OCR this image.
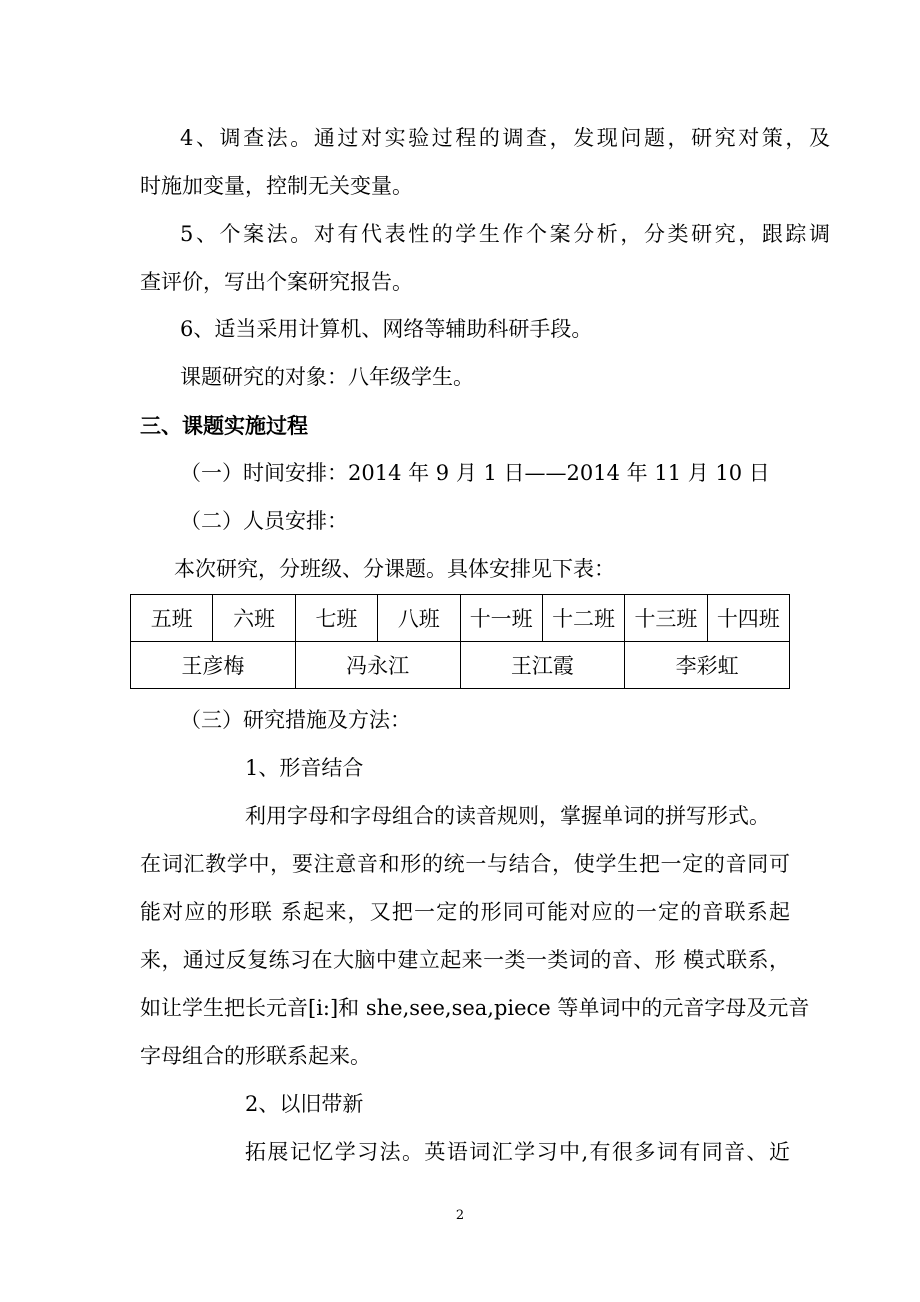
4、调查法。通过对实验过程的调查，发现问题，研究对策，及
时施加变量，控制无关变量。
5、个案法。对有代表性的学生作个案分析，分类研究，跟踪调
查评价，写出个案研究报告。
6、适当采用计算机、网络等辅助科研手段。
课题研究的对象：八年级学生。
三、课题实施过程
（一）时间安排：2014 年 9 月 1 日——2014 年 11 月 10 日
（二）人员安排：
本次研究，分班级、分课题。具体安排见下表：
五班	六班	七班	八班	十一班	十二班	十三班	十四班
王彦梅		冯永江		王江霞		李彩虹	
（三）研究措施及方法：
1、形音结合
利用字母和字母组合的读音规则，掌握单词的拼写形式。
在词汇教学中，要注意音和形的统一与结合，使学生把一定的音同可
能对应的形联 系起来，又把一定的形同可能对应的一定的音联系起
来，通过反复练习在大脑中建立起来一类一类词的音、形 模式联系，
如让学生把长元音[i:]和 she,see,sea,piece 等单词中的元音字母及元音
字母组合的形联系起来。
2、以旧带新
拓展记忆学习法。英语词汇学习中,有很多词有同音、近
2
